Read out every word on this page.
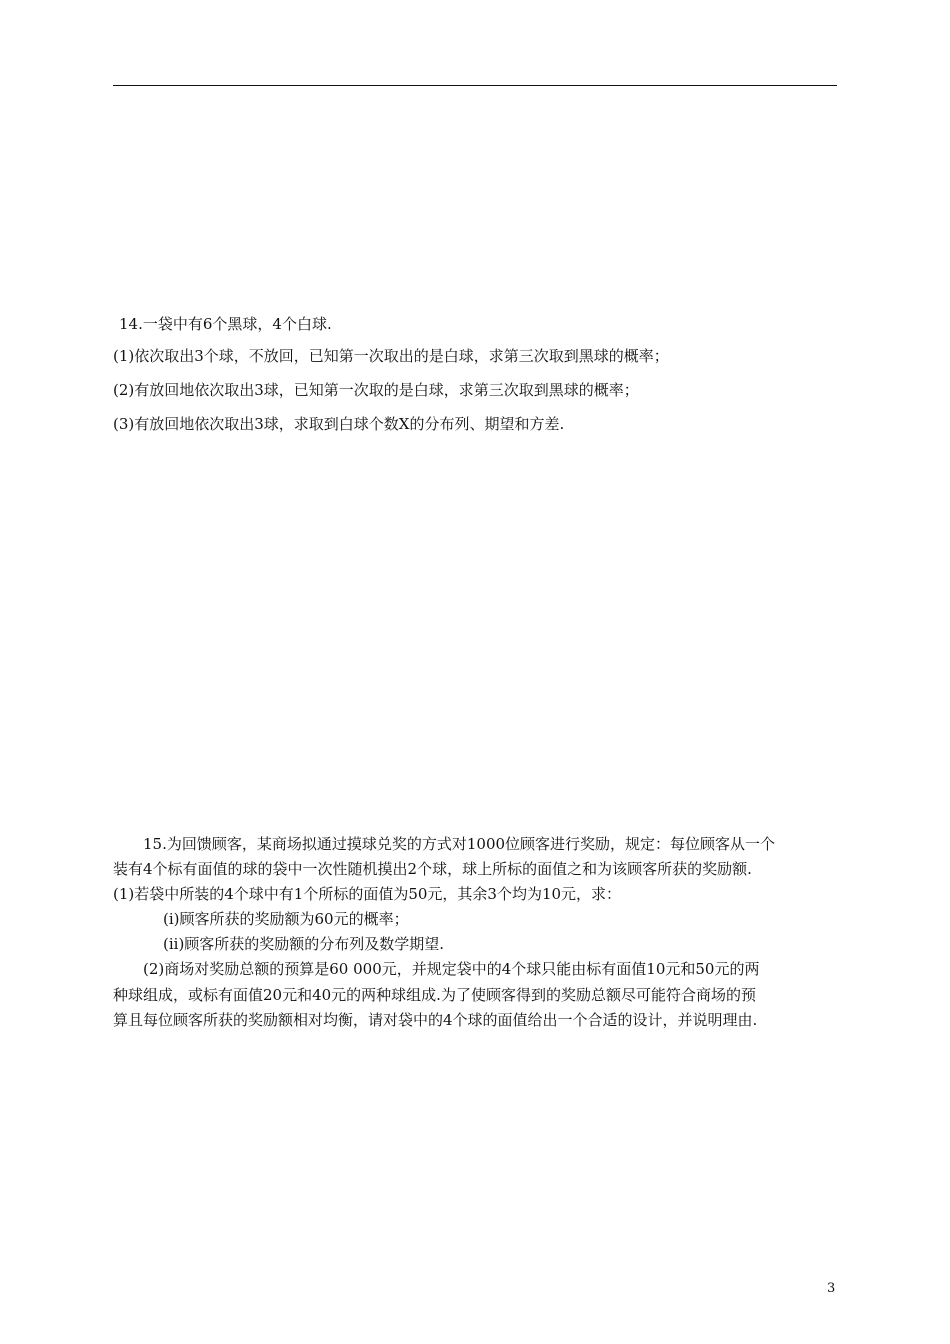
14.一袋中有6个黑球，4个白球.
(1)依次取出3个球，不放回，已知第一次取出的是白球，求第三次取到黑球的概率；
(2)有放回地依次取出3球，已知第一次取的是白球，求第三次取到黑球的概率；
(3)有放回地依次取出3球，求取到白球个数X的分布列、期望和方差.
15.为回馈顾客，某商场拟通过摸球兑奖的方式对1000位顾客进行奖励，规定：每位顾客从一个
装有4个标有面值的球的袋中一次性随机摸出2个球，球上所标的面值之和为该顾客所获的奖励额.
(1)若袋中所装的4个球中有1个所标的面值为50元，其余3个均为10元，求：
(i)顾客所获的奖励额为60元的概率；
(ii)顾客所获的奖励额的分布列及数学期望.
(2)商场对奖励总额的预算是60 000元，并规定袋中的4个球只能由标有面值10元和50元的两
种球组成，或标有面值20元和40元的两种球组成.为了使顾客得到的奖励总额尽可能符合商场的预
算且每位顾客所获的奖励额相对均衡，请对袋中的4个球的面值给出一个合适的设计，并说明理由.
3
